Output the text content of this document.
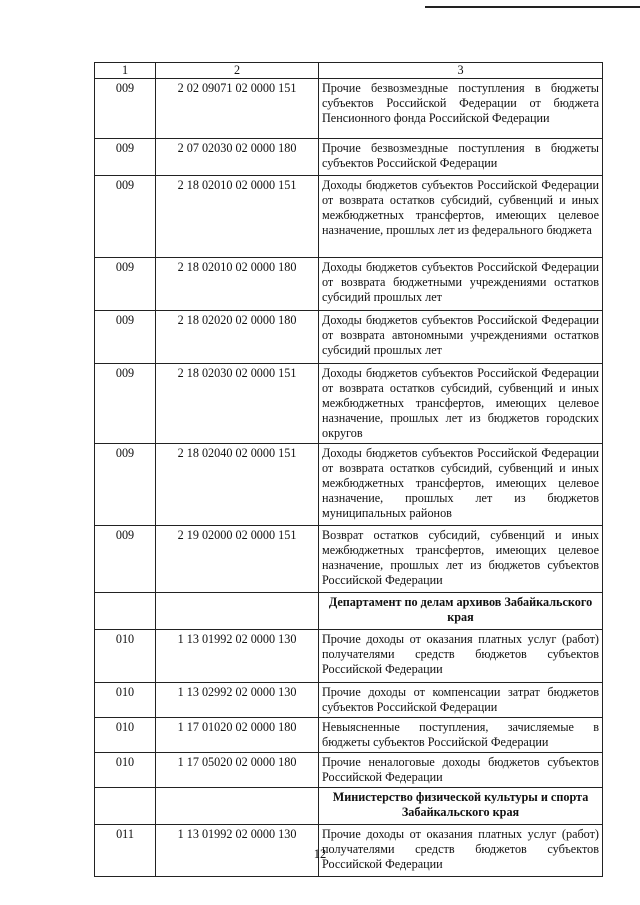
1	2	3
009	2 02 09071 02 0000 151	Прочие безвозмездные поступления в бюджеты субъектов Российской Федерации от бюджета Пенсионного фонда Российской Федерации
009	2 07 02030 02 0000 180	Прочие безвозмездные поступления в бюджеты субъектов Российской Федерации
009	2 18 02010 02 0000 151	Доходы бюджетов субъектов Российской Федерации от возврата остатков субсидий, субвенций и иных межбюджетных трансфертов, имеющих целевое назначение, прошлых лет из федерального бюджета
009	2 18 02010 02 0000 180	Доходы бюджетов субъектов Российской Федерации от возврата бюджетными учреждениями остатков субсидий прошлых лет
009	2 18 02020 02 0000 180	Доходы бюджетов субъектов Российской Федерации от возврата автономными учреждениями остатков субсидий прошлых лет
009	2 18 02030 02 0000 151	Доходы бюджетов субъектов Российской Федерации от возврата остатков субсидий, субвенций и иных межбюджетных трансфертов, имеющих целевое назначение, прошлых лет из бюджетов городских округов
009	2 18 02040 02 0000 151	Доходы бюджетов субъектов Российской Федерации от возврата остатков субсидий, субвенций и иных межбюджетных трансфертов, имеющих целевое назначение, прошлых лет из бюджетов муниципальных районов
009	2 19 02000 02 0000 151	Возврат остатков субсидий, субвенций и иных межбюджетных трансфертов, имеющих целевое назначение, прошлых лет из бюджетов субъектов Российской Федерации
		Департамент по делам архивов Забайкальского края
010	1 13 01992 02 0000 130	Прочие доходы от оказания платных услуг (работ) получателями средств бюджетов субъектов Российской Федерации
010	1 13 02992 02 0000 130	Прочие доходы от компенсации затрат бюджетов субъектов Российской Федерации
010	1 17 01020 02 0000 180	Невыясненные поступления, зачисляемые в бюджеты субъектов Российской Федерации
010	1 17 05020 02 0000 180	Прочие неналоговые доходы бюджетов субъектов Российской Федерации
		Министерство физической культуры и спорта Забайкальского края
011	1 13 01992 02 0000 130	Прочие доходы от оказания платных услуг (работ) получателями средств бюджетов субъектов Российской Федерации
12
